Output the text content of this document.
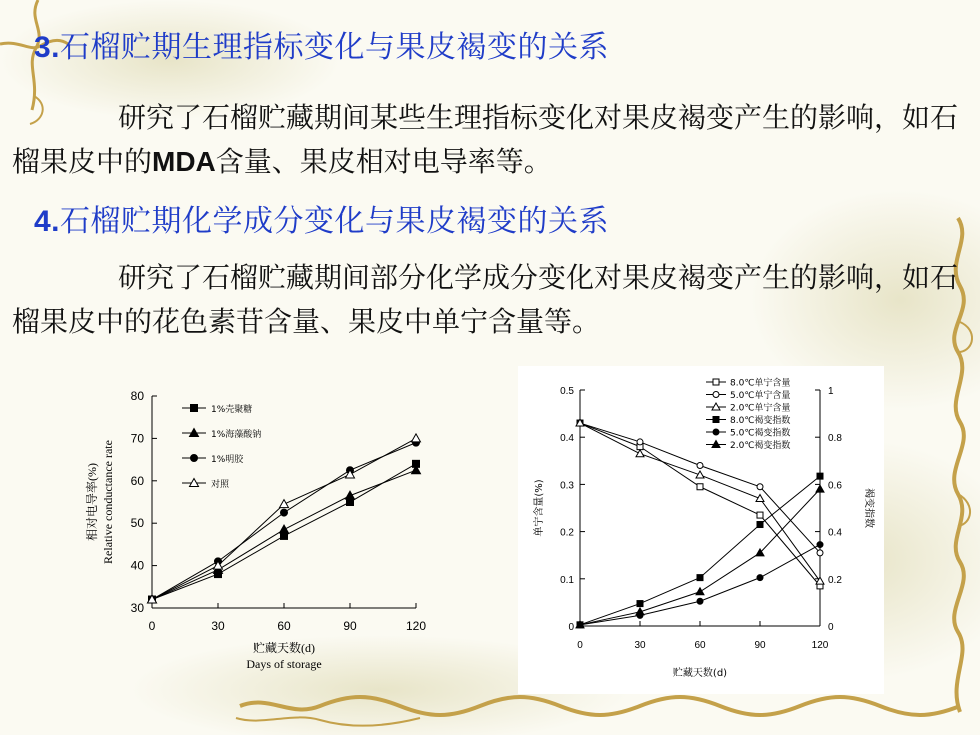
3.石榴贮期生理指标变化与果皮褐变的关系
研究了石榴贮藏期间某些生理指标变化对果皮褐变产生的影响，如石榴果皮中的MDA含量、果皮相对电导率等。
4.石榴贮期化学成分变化与果皮褐变的关系
研究了石榴贮藏期间部分化学成分变化对果皮褐变产生的影响，如石榴果皮中的花色素苷含量、果皮中单宁含量等。
30
40
50
60
70
80
0	30	60	90	120
贮藏天数(d)
Days of storage
相对电导率(%) Relative conductance rate
1%壳聚糖
1%海藻酸钠
1%明胶
对照
0
0.1
0.2
0.3
0.4
0.5
0
0.2
0.4
0.6
0.8
1
0	30	60	90	120
贮藏天数(d)
单宁含量(%)	褐变指数
8.0℃单宁含量
5.0℃单宁含量
2.0℃单宁含量
8.0℃褐变指数
5.0℃褐变指数
2.0℃褐变指数
